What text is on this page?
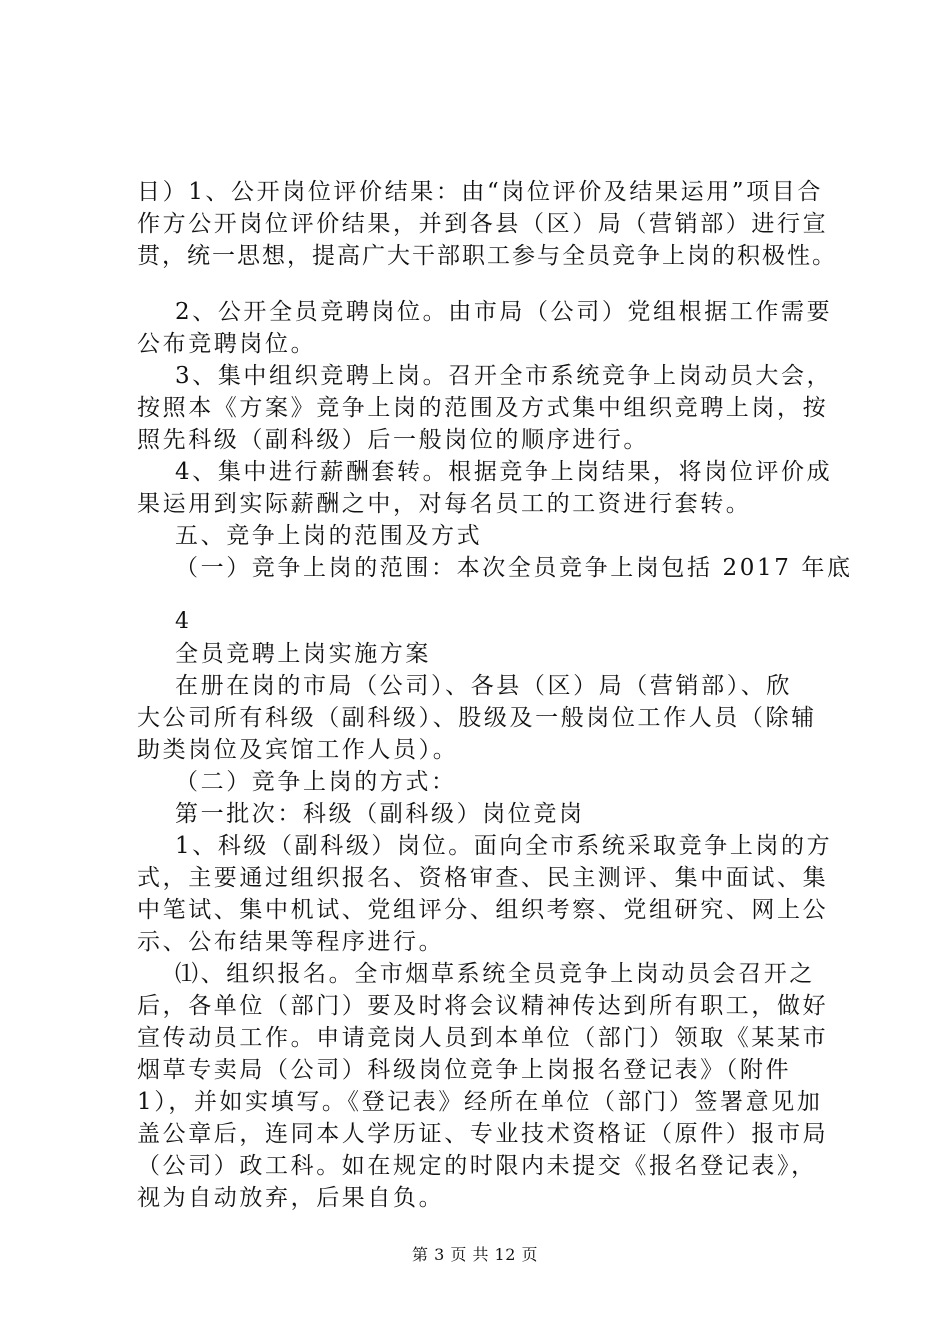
日）1、公开岗位评价结果：由“岗位评价及结果运用”项目合
作方公开岗位评价结果，并到各县（区）局（营销部）进行宣
贯，统一思想，提高广大干部职工参与全员竞争上岗的积极性。
2、公开全员竞聘岗位。由市局（公司）党组根据工作需要
公布竞聘岗位。
3、集中组织竞聘上岗。召开全市系统竞争上岗动员大会，
按照本《方案》竞争上岗的范围及方式集中组织竞聘上岗，按
照先科级（副科级）后一般岗位的顺序进行。
4、集中进行薪酬套转。根据竞争上岗结果，将岗位评价成
果运用到实际薪酬之中，对每名员工的工资进行套转。
五、竞争上岗的范围及方式
（一）竞争上岗的范围：本次全员竞争上岗包括 2017 年底
4
全员竞聘上岗实施方案
在册在岗的市局（公司）、各县（区）局（营销部）、欣
大公司所有科级（副科级）、股级及一般岗位工作人员（除辅
助类岗位及宾馆工作人员）。
（二）竞争上岗的方式：
第一批次：科级（副科级）岗位竞岗
1、科级（副科级）岗位。面向全市系统采取竞争上岗的方
式，主要通过组织报名、资格审查、民主测评、集中面试、集
中笔试、集中机试、党组评分、组织考察、党组研究、网上公
示、公布结果等程序进行。
⑴、组织报名。全市烟草系统全员竞争上岗动员会召开之
后，各单位（部门）要及时将会议精神传达到所有职工，做好
宣传动员工作。申请竞岗人员到本单位（部门）领取《某某市
烟草专卖局（公司）科级岗位竞争上岗报名登记表》（附件
1），并如实填写。《登记表》经所在单位（部门）签署意见加
盖公章后，连同本人学历证、专业技术资格证（原件）报市局
（公司）政工科。如在规定的时限内未提交《报名登记表》，
视为自动放弃，后果自负。
第 3 页 共 12 页
